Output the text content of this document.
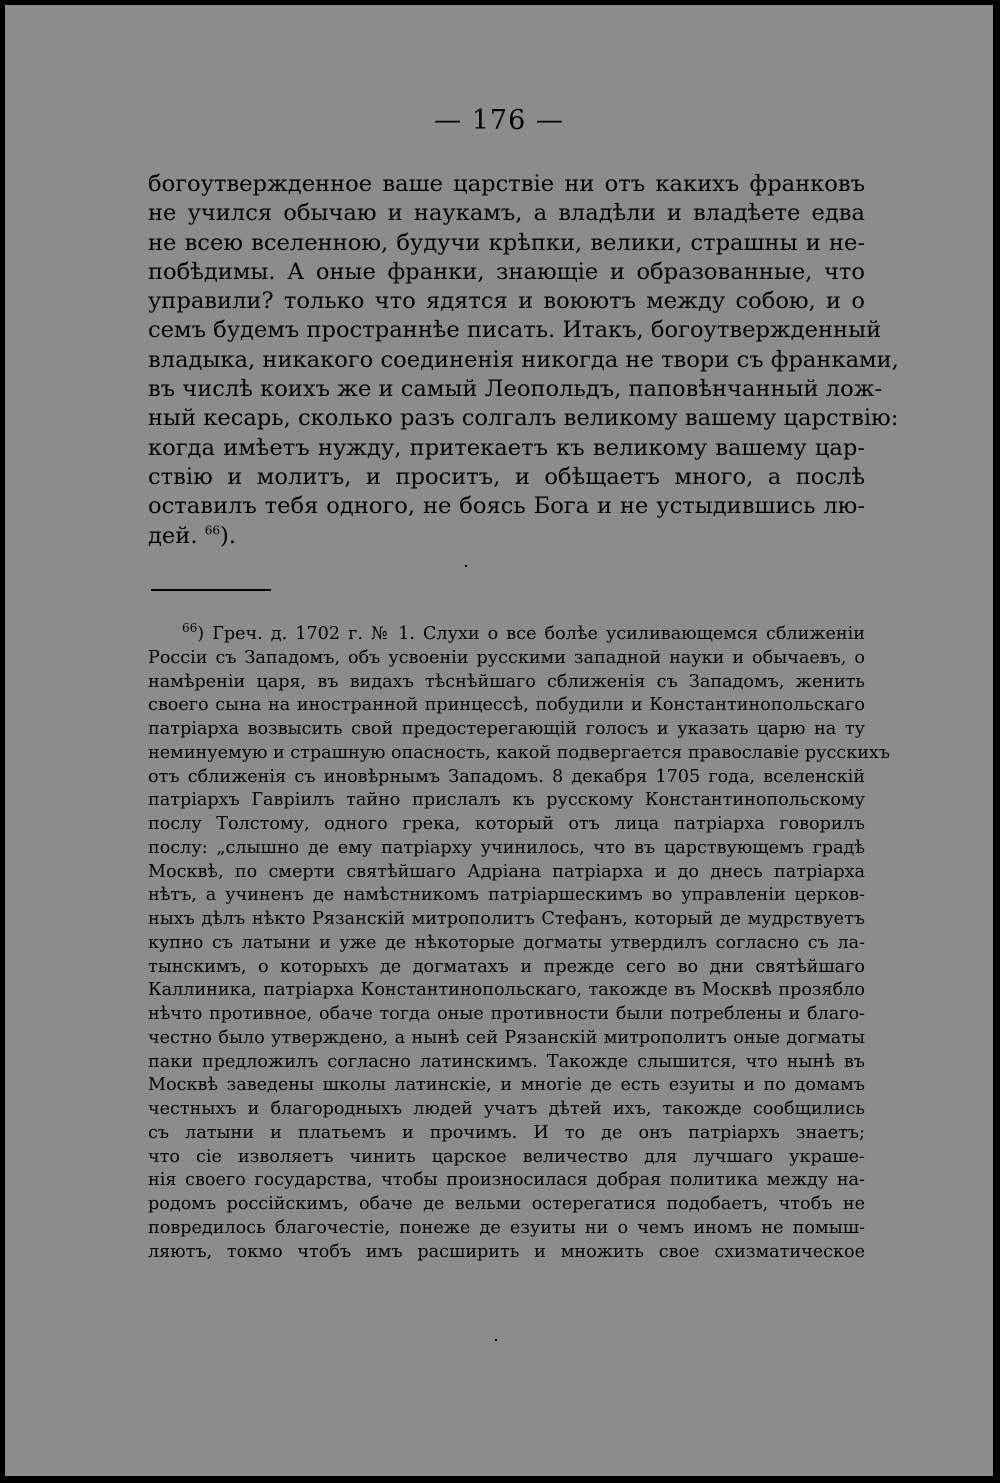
— 176 —
богоутвержденное ваше царствіе ни отъ какихъ франковъ
не учился обычаю и наукамъ, а владѣли и владѣете едва
не всею вселенною, будучи крѣпки, велики, страшны и не-
побѣдимы. А оные франки, знающіе и образованные, что
управили? только что ядятся и воюютъ между собою, и о
семъ будемъ пространнѣе писать. Итакъ, богоутвержденный
владыка, никакого соединенія никогда не твори съ франками,
въ числѣ коихъ же и самый Леопольдъ, паповѣнчанный лож-
ный кесарь, сколько разъ солгалъ великому вашему царствію:
когда имѣетъ нужду, притекаетъ къ великому вашему цар-
ствію и молитъ, и проситъ, и обѣщаетъ много, а послѣ
оставилъ тебя одного, не боясь Бога и не устыдившись лю-
дей. $^{66}$).
$^{66}$) Греч. д. 1702 г. № 1. Слухи о все болѣе усиливающемся сближеніи
Россіи съ Западомъ, объ усвоеніи русскими западной науки и обычаевъ, о
намѣреніи царя, въ видахъ тѣснѣйшаго сближенія съ Западомъ, женить
своего сына на иностранной принцессѣ, побудили и Константинопольскаго
патріарха возвысить свой предостерегающій голосъ и указать царю на ту
неминуемую и страшную опасность, какой подвергается православіе русскихъ
отъ сближенія съ иновѣрнымъ Западомъ. 8 декабря 1705 года, вселенскій
патріархъ Гавріилъ тайно прислалъ къ русскому Константинопольскому
послу Толстому, одного грека, который отъ лица патріарха говорилъ
послу: „слышно де ему патріарху учинилось, что въ царствующемъ градѣ
Москвѣ, по смерти святѣйшаго Адріана патріарха и до днесь патріарха
нѣтъ, а учиненъ де намѣстникомъ патріаршескимъ во управленіи церков-
ныхъ дѣлъ нѣкто Рязанскій митрополитъ Стефанъ, который де мудрствуетъ
купно съ латыни и уже де нѣкоторые догматы утвердилъ согласно съ ла-
тынскимъ, о которыхъ де догматахъ и прежде сего во дни святѣйшаго
Каллиника, патріарха Константинопольскаго, такожде въ Москвѣ прозябло
нѣчто противное, обаче тогда оные противности были потреблены и благо-
честно было утверждено, а нынѣ сей Рязанскій митрополитъ оные догматы
паки предложилъ согласно латинскимъ. Такожде слышится, что нынѣ въ
Москвѣ заведены школы латинскіе, и многіе де есть езуиты и по домамъ
честныхъ и благородныхъ людей учатъ дѣтей ихъ, такожде сообщились
съ латыни и платьемъ и прочимъ. И то де онъ патріархъ знаетъ;
что сіе изволяетъ чинить царское величество для лучшаго украше-
нія своего государства, чтобы произносилася добрая политика между на-
родомъ россійскимъ, обаче де вельми остерегатися подобаетъ, чтобъ не
повредилось благочестіе, понеже де езуиты ни о чемъ иномъ не помыш-
ляютъ, токмо чтобъ имъ расширить и множить свое схизматическое
